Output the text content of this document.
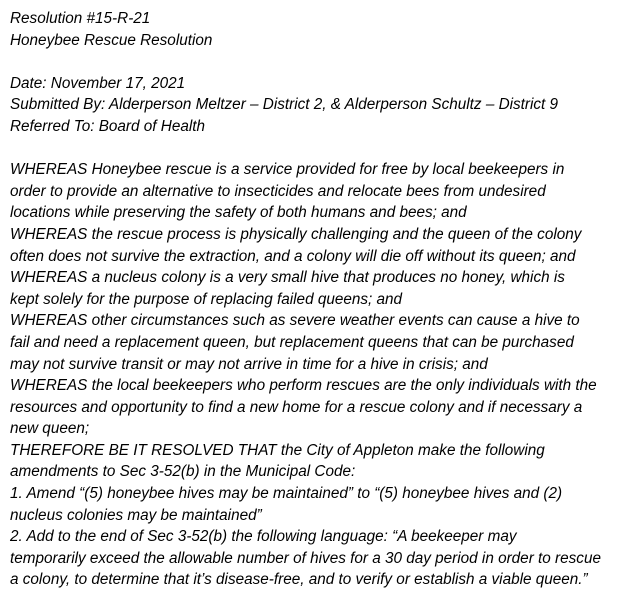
Resolution #15-R-21
Honeybee Rescue Resolution
Date: November 17, 2021
Submitted By: Alderperson Meltzer – District 2, & Alderperson Schultz – District 9
Referred To: Board of Health
WHEREAS Honeybee rescue is a service provided for free by local beekeepers in
order to provide an alternative to insecticides and relocate bees from undesired
locations while preserving the safety of both humans and bees; and
WHEREAS the rescue process is physically challenging and the queen of the colony
often does not survive the extraction, and a colony will die off without its queen; and
WHEREAS a nucleus colony is a very small hive that produces no honey, which is
kept solely for the purpose of replacing failed queens; and
WHEREAS other circumstances such as severe weather events can cause a hive to
fail and need a replacement queen, but replacement queens that can be purchased
may not survive transit or may not arrive in time for a hive in crisis; and
WHEREAS the local beekeepers who perform rescues are the only individuals with the
resources and opportunity to find a new home for a rescue colony and if necessary a
new queen;
THEREFORE BE IT RESOLVED THAT the City of Appleton make the following
amendments to Sec 3-52(b) in the Municipal Code:
1. Amend “(5) honeybee hives may be maintained” to “(5) honeybee hives and (2)
nucleus colonies may be maintained”
2. Add to the end of Sec 3-52(b) the following language: “A beekeeper may
temporarily exceed the allowable number of hives for a 30 day period in order to rescue
a colony, to determine that it’s disease-free, and to verify or establish a viable queen.”
